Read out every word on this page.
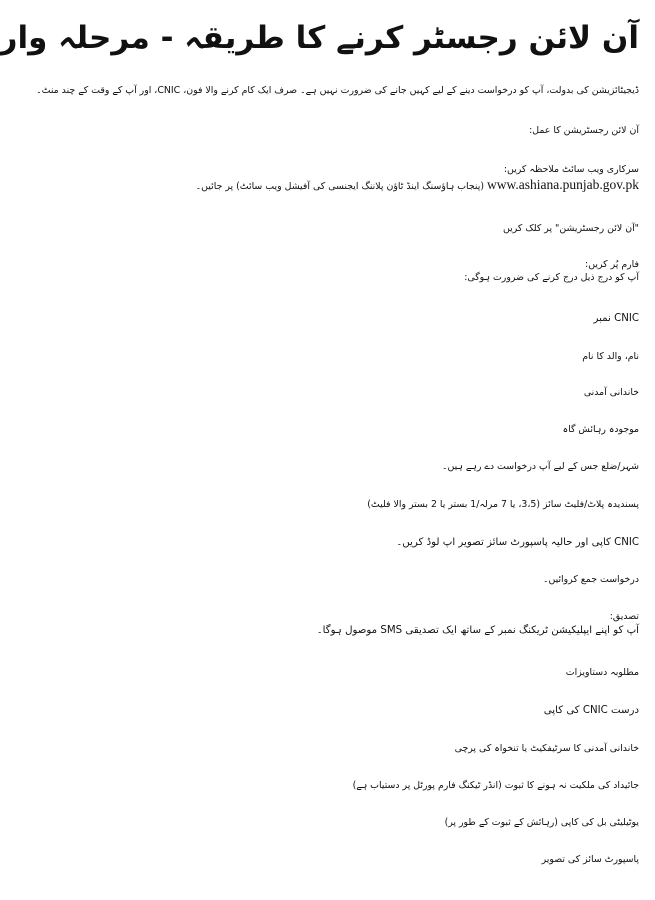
آن لائن رجسٹر کرنے کا طریقہ - مرحلہ وار

ڈیجیٹائزیشن کی بدولت، آپ کو درخواست دینے کے لیے کہیں جانے کی ضرورت نہیں ہے۔ صرف ایک کام کرنے والا فون، CNIC، اور آپ کے وقت کے چند منٹ۔

آن لائن رجسٹریشن کا عمل:

سرکاری ویب سائٹ ملاحظہ کریں:

www.ashiana.punjab.gov.pk (پنجاب ہاؤسنگ اینڈ ٹاؤن پلاننگ ایجنسی کی آفیشل ویب سائٹ) پر جائیں۔

"آن لائن رجسٹریشن" پر کلک کریں

فارم پُر کریں:

آپ کو درج ذیل درج کرنے کی ضرورت ہوگی:

CNIC نمبر

نام، والد کا نام

خاندانی آمدنی

موجودہ رہائش گاہ

شہر/ضلع جس کے لیے آپ درخواست دے رہے ہیں۔

پسندیدہ پلاٹ/فلیٹ سائز (3،5، یا 7 مرلہ/1 بستر یا 2 بستر والا فلیٹ)

CNIC کاپی اور حالیہ پاسپورٹ سائز تصویر اپ لوڈ کریں۔

درخواست جمع کروائیں۔

تصدیق:

آپ کو اپنے ایپلیکیشن ٹریکنگ نمبر کے ساتھ ایک تصدیقی SMS موصول ہوگا۔

مطلوبہ دستاویزات

درست CNIC کی کاپی

خاندانی آمدنی کا سرٹیفکیٹ یا تنخواہ کی پرچی

جائیداد کی ملکیت نہ ہونے کا ثبوت (انڈر ٹیکنگ فارم پورٹل پر دستیاب ہے)

یوٹیلیٹی بل کی کاپی (رہائش کے ثبوت کے طور پر)

پاسپورٹ سائز کی تصویر
